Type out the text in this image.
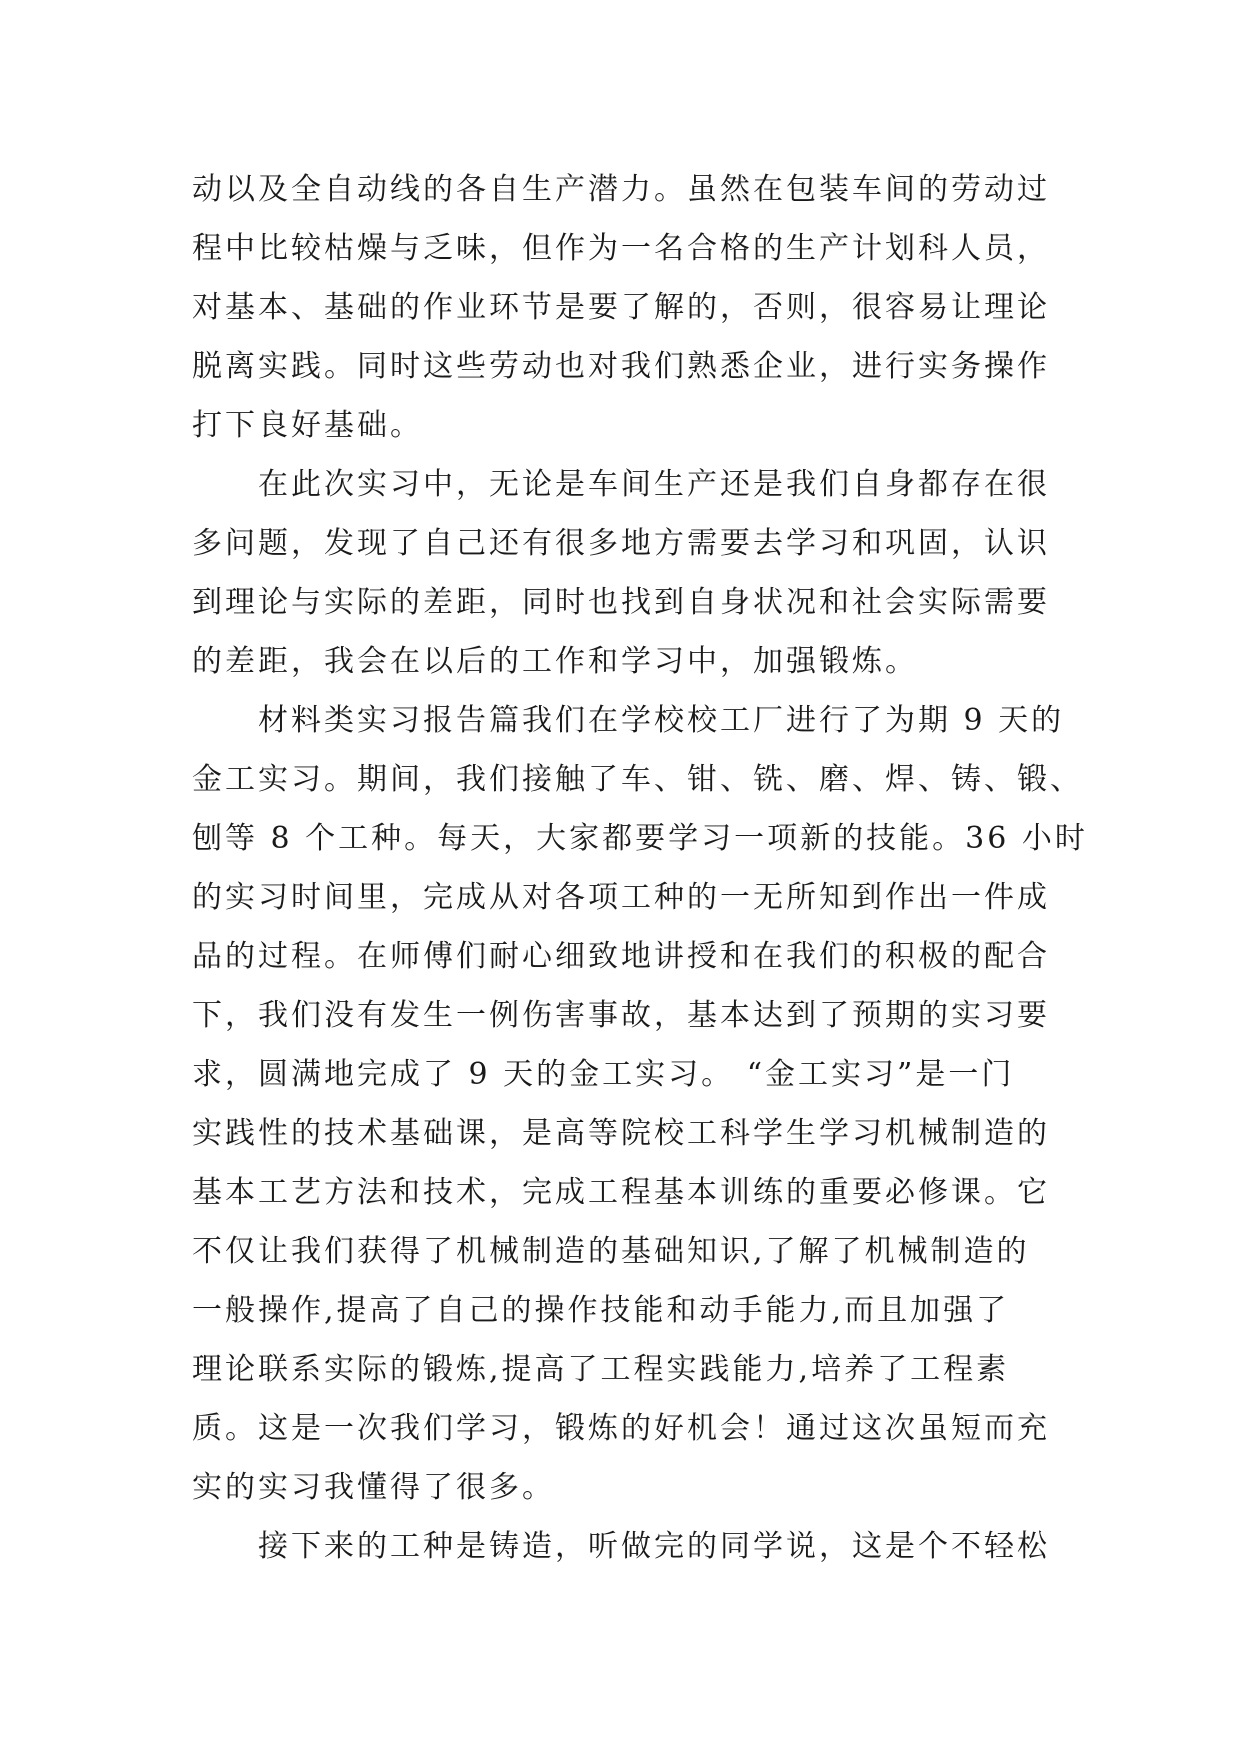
动以及全自动线的各自生产潜力。虽然在包装车间的劳动过
程中比较枯燥与乏味，但作为一名合格的生产计划科人员，
对基本、基础的作业环节是要了解的，否则，很容易让理论
脱离实践。同时这些劳动也对我们熟悉企业，进行实务操作
打下良好基础。
在此次实习中，无论是车间生产还是我们自身都存在很
多问题，发现了自己还有很多地方需要去学习和巩固，认识
到理论与实际的差距，同时也找到自身状况和社会实际需要
的差距，我会在以后的工作和学习中，加强锻炼。
材料类实习报告篇我们在学校校工厂进行了为期 9 天的
金工实习。期间，我们接触了车、钳、铣、磨、焊、铸、锻、
刨等 8 个工种。每天，大家都要学习一项新的技能。36 小时
的实习时间里，完成从对各项工种的一无所知到作出一件成
品的过程。在师傅们耐心细致地讲授和在我们的积极的配合
下，我们没有发生一例伤害事故，基本达到了预期的实习要
求，圆满地完成了 9 天的金工实习。 “金工实习”是一门
实践性的技术基础课，是高等院校工科学生学习机械制造的
基本工艺方法和技术，完成工程基本训练的重要必修课。它
不仅让我们获得了机械制造的基础知识,了解了机械制造的
一般操作,提高了自己的操作技能和动手能力,而且加强了
理论联系实际的锻炼,提高了工程实践能力,培养了工程素
质。这是一次我们学习，锻炼的好机会！通过这次虽短而充
实的实习我懂得了很多。
接下来的工种是铸造，听做完的同学说，这是个不轻松
